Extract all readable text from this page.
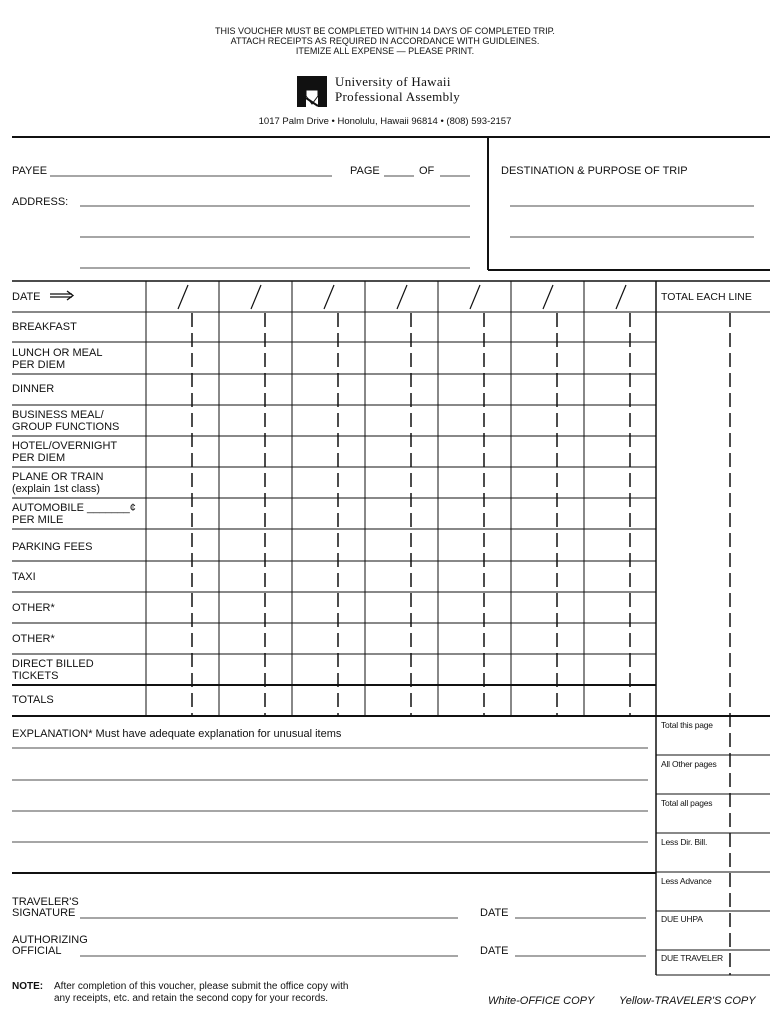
THIS VOUCHER MUST BE COMPLETED WITHIN 14 DAYS OF COMPLETED TRIP.
ATTACH RECEIPTS AS REQUIRED IN ACCORDANCE WITH GUIDLEINES.
ITEMIZE ALL EXPENSE — PLEASE PRINT.
University of Hawaii
Professional Assembly
1017 Palm Drive • Honolulu, Hawaii 96814 • (808) 593-2157
PAYEE	PAGE	OF
ADDRESS:
DESTINATION & PURPOSE OF TRIP
DATE	TOTAL EACH LINE
BREAKFAST
LUNCH OR MEAL
PER DIEM
DINNER
BUSINESS MEAL/
GROUP FUNCTIONS
HOTEL/OVERNIGHT
PER DIEM
PLANE OR TRAIN
(explain 1st class)
AUTOMOBILE _______¢
PER MILE
PARKING FEES
TAXI
OTHER*
OTHER*
DIRECT BILLED
TICKETS
TOTALS
EXPLANATION* Must have adequate explanation for unusual items
Total this page
All Other pages
Total all pages
Less Dir. Bill.
Less Advance
DUE UHPA
DUE TRAVELER
TRAVELER'S
SIGNATURE	DATE
AUTHORIZING
OFFICIAL	DATE
NOTE: After completion of this voucher, please submit the office copy with
any receipts, etc. and retain the second copy for your records.	White-OFFICE COPY Yellow-TRAVELER'S COPY
